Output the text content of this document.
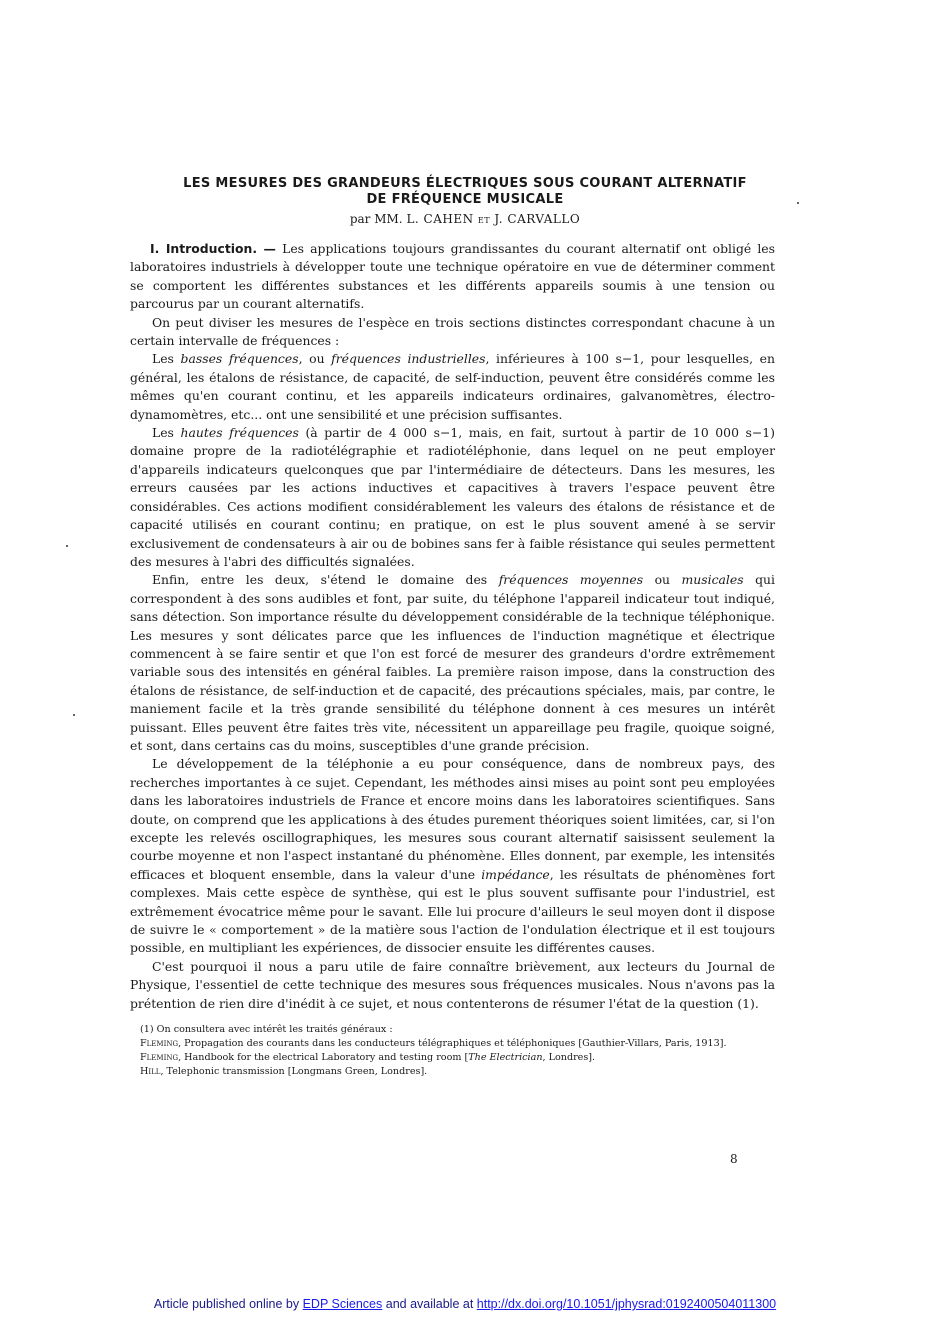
LES MESURES DES GRANDEURS ÉLECTRIQUES SOUS COURANT ALTERNATIF
DE FRÉQUENCE MUSICALE
par MM. L. CAHEN et J. CARVALLO

I. Introduction. — Les applications toujours grandissantes du courant alternatif ont obligé les laboratoires industriels à développer toute une technique opératoire en vue de déterminer comment se comportent les différentes substances et les différents appareils soumis à une tension ou parcourus par un courant alternatifs.

On peut diviser les mesures de l'espèce en trois sections distinctes correspondant chacune à un certain intervalle de fréquences :

Les basses fréquences, ou fréquences industrielles, inférieures à 100 s−1, pour lesquelles, en général, les étalons de résistance, de capacité, de self-induction, peuvent être considérés comme les mêmes qu'en courant continu, et les appareils indicateurs ordinaires, galvanomètres, électro-dynamomètres, etc... ont une sensibilité et une précision suffisantes.

Les hautes fréquences (à partir de 4 000 s−1, mais, en fait, surtout à partir de 10 000 s−1) domaine propre de la radiotélégraphie et radiotéléphonie, dans lequel on ne peut employer d'appareils indicateurs quelconques que par l'intermédiaire de détecteurs. Dans les mesures, les erreurs causées par les actions inductives et capacitives à travers l'espace peuvent être considérables. Ces actions modifient considérablement les valeurs des étalons de résistance et de capacité utilisés en courant continu; en pratique, on est le plus souvent amené à se servir exclusivement de condensateurs à air ou de bobines sans fer à faible résistance qui seules permettent des mesures à l'abri des difficultés signalées.

Enfin, entre les deux, s'étend le domaine des fréquences moyennes ou musicales qui correspondent à des sons audibles et font, par suite, du téléphone l'appareil indicateur tout indiqué, sans détection. Son importance résulte du développement considérable de la technique téléphonique. Les mesures y sont délicates parce que les influences de l'induction magnétique et électrique commencent à se faire sentir et que l'on est forcé de mesurer des grandeurs d'ordre extrêmement variable sous des intensités en général faibles. La première raison impose, dans la construction des étalons de résistance, de self-induction et de capacité, des précautions spéciales, mais, par contre, le maniement facile et la très grande sensibilité du téléphone donnent à ces mesures un intérêt puissant. Elles peuvent être faites très vite, nécessitent un appareillage peu fragile, quoique soigné, et sont, dans certains cas du moins, susceptibles d'une grande précision.

Le développement de la téléphonie a eu pour conséquence, dans de nombreux pays, des recherches importantes à ce sujet. Cependant, les méthodes ainsi mises au point sont peu employées dans les laboratoires industriels de France et encore moins dans les laboratoires scientifiques. Sans doute, on comprend que les applications à des études purement théoriques soient limitées, car, si l'on excepte les relevés oscillographiques, les mesures sous courant alternatif saisissent seulement la courbe moyenne et non l'aspect instantané du phénomène. Elles donnent, par exemple, les intensités efficaces et bloquent ensemble, dans la valeur d'une impédance, les résultats de phénomènes fort complexes. Mais cette espèce de synthèse, qui est le plus souvent suffisante pour l'industriel, est extrêmement évocatrice même pour le savant. Elle lui procure d'ailleurs le seul moyen dont il dispose de suivre le « comportement » de la matière sous l'action de l'ondulation électrique et il est toujours possible, en multipliant les expériences, de dissocier ensuite les différentes causes.

C'est pourquoi il nous a paru utile de faire connaître brièvement, aux lecteurs du Journal de Physique, l'essentiel de cette technique des mesures sous fréquences musicales. Nous n'avons pas la prétention de rien dire d'inédit à ce sujet, et nous contenterons de résumer l'état de la question (1).

(1) On consultera avec intérêt les traités généraux :

Fleming, Propagation des courants dans les conducteurs télégraphiques et téléphoniques [Gauthier-Villars, Paris, 1913].

Fleming, Handbook for the electrical Laboratory and testing room [The Electrician, Londres].

Hill, Telephonic transmission [Longmans Green, Londres].

8
Article published online by EDP Sciences and available at http://dx.doi.org/10.1051/jphysrad:0192400504011300
